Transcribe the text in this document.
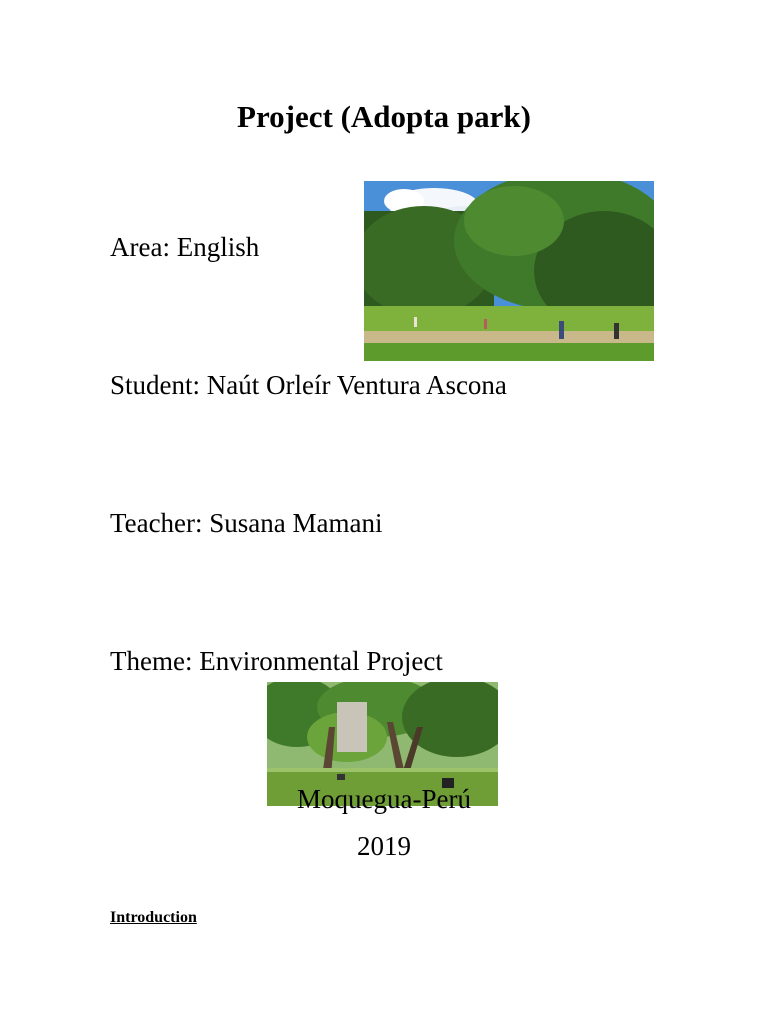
Project (Adopta park)
Area: English
Student: Naút Orleír Ventura Ascona
Teacher: Susana Mamani
Theme: Environmental Project
Moquegua-Perú
2019
Introduction
